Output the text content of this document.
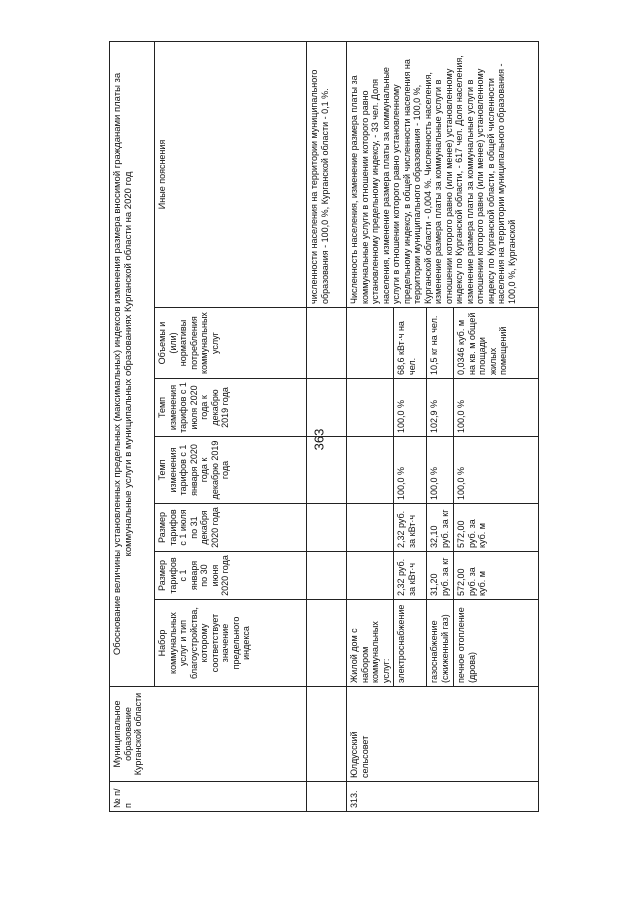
363
№ п/п	Муниципальное образование Курганской области	Обоснование величины установленных предельных (максимальных) индексов изменения размера вносимой гражданами платы за коммунальные услуги в муниципальных образованиях Курганской области на 2020 год						
		Набор коммунальных услуг и тип благоустройства, которому соответствует значение предельного индекса	Размер тарифов с 1 января по 30 июня 2020 года	Размер тарифов с 1 июля по 31 декабря 2020 года	Темп изменения тарифов с 1 января 2020 года к декабрю 2019 года	Темп изменения тарифов с 1 июля 2020 года к декабрю 2019 года	Объемы и (или) нормативы потребления коммунальных услуг	Иные пояснения
								численности населения на территории муниципального образования - 100,0 %, Курганской области - 0,1 %.
313.	Юлдусский сельсовет	Жилой дом с набором коммунальных услуг:						Численность населения, изменение размера платы за коммунальные услуги в отношении которого равно установленному предельному индексу, - 33 чел. Доля населения, изменение размера платы за коммунальные услуги в отношении которого равно установленному предельному индексу, в общей численности населения на территории муниципального образования - 100,0 %, Курганской области - 0,004 %. Численность населения, изменение размера платы за коммунальные услуги в отношении которого равно (или менее) установленному индексу по Курганской области, - 617 чел. Доля населения, изменение размера платы за коммунальные услуги в отношении которого равно (или менее) установленному индексу по Курганской области, в общей численности населения на территории муниципального образования - 100,0 %, Курганской
		электроснабжение	2,32 руб. за кВт·ч	2,32 руб. за кВт·ч	100,0 %	100,0 %	68,6 кВт·ч на чел.	
		газоснабжение (сжиженный газ)	31,20 руб. за кг	32,10 руб. за кг	100,0 %	102,9 %	10,5 кг на чел.	
		печное отопление (дрова)	572,00 руб. за куб. м	572,00 руб. за куб. м	100,0 %	100,0 %	0,0346 куб. м на кв. м общей площади жилых помещений	
